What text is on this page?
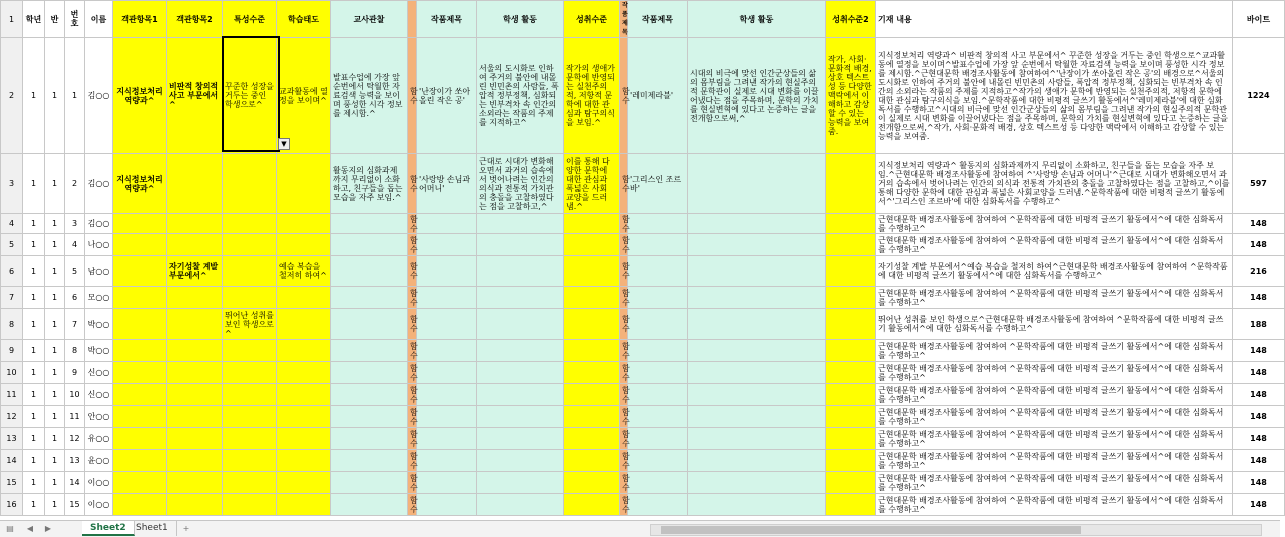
1	학년	반	번호	이름	객관항목1	객관항목2	특성수준	학습태도	교사관찰		작품제목	학생 활동	성취수준	작품제목	작품제목	학생 활동	성취수준2	기재 내용	바이트
2	1	1	1	김○○	지식정보처리 역량과^	비판적 창의적 사고 부문에서^	꾸준한 성장을 거두는 중인 학생으로^	교과활동에 열정을 보이며^	발표수업에 가장 앞순번에서 탁월한 자료검색 능력을 보이며 풍성한 시각 정보를 제시함.^	함수	'난장이가 쏘아올린 작은 공'	서울의 도시화로 인하여 주거의 불안에 내몰린 빈민촌의 사람들, 폭압적 정부정책, 심화되는 빈부격차 속 인간의 소외라는 작품의 주제를 지적하고^	작가의 생애가 문학에 반영되는 실천주의적, 저항적 문학에 대한 관심과 탐구의식을 보임.^	함수	'레미제라블'	시대의 비극에 맞선 인간군상들의 삶의 몸부림을 그려낸 작가의 현실주의적 문학관이 실제로 시대 변화를 이끌어냈다는 점을 주목하며, 문학의 가치를 현실변혁에 있다고 논증하는 글을 전개함으로써,^	작가, 사회·문화적 배경, 상호 텍스트성 등 다양한 맥락에서 이해하고 감상할 수 있는 능력을 보여줌.	지식정보처리 역량과^ 비판적 창의적 사고 부문에서^ 꾸준한 성장을 거두는 중인 학생으로^교과활동에 열정을 보이며^발표수업에 가장 앞 순번에서 탁월한 자료검색 능력을 보이며 풍성한 시각 정보를 제시함.^근현대문학 배경조사활동에 참여하여^'난장이가 쏘아올린 작은 공'의 배경으로^서울의 도시화로 인하여 주거의 불안에 내몰린 빈민촌의 사람들, 폭압적 정부정책, 심화되는 빈부격차 속 인간의 소외라는 작품의 주제를 지적하고^작가의 생애가 문학에 반영되는 실천주의적, 저항적 문학에 대한 관심과 탐구의식을 보임.^문학작품에 대한 비평적 글쓰기 활동에서^'레미제라블'에 대한 심화독서를 수행하고^시대의 비극에 맞선 인간군상들의 삶의 몸부림을 그려낸 작가의 현실주의적 문학관이 실제로 시대 변화를 이끌어냈다는 점을 주목하며, 문학의 가치를 현실변혁에 있다고 논증하는 글을 전개함으로써,^작가, 사회·문화적 배경, 상호 텍스트성 등 다양한 맥락에서 이해하고 감상할 수 있는 능력을 보여줌.	1224
3	1	1	2	김○○	지식정보처리 역량과^				활동지의 심화과제까지 무리없이 소화하고, 친구들을 돕는 모습을 자주 보임.^	함수	'사랑방 손님과 어머니'	근대로 시대가 변화해오면서 과거의 습속에서 벗어나려는 인간의 의식과 전통적 가치관의 충돌을 고찰하였다는 점을 고찰하고,^	이를 통해 다양한 문학에 대한 관심과 폭넓은 사회 교양을 드러냄.^	함수	'그리스인 조르바'			지식정보처리 역량과^ 활동지의 심화과제까지 무리없이 소화하고, 친구들을 돕는 모습을 자주 보임.^근현대문학 배경조사활동에 참여하여 ^'사랑방 손님과 어머니'^근대로 시대가 변화해오면서 과거의 습속에서 벗어나려는 인간의 의식과 전통적 가치관의 충돌을 고찰하였다는 점을 고찰하고,^이를 통해 다양한 문학에 대한 관심과 폭넓은 사회교양을 드러냄.^문학작품에 대한 비평적 글쓰기 활동에서^'그리스인 조르바'에 대한 심화독서를 수행하고^	597
4	1	1	3	김○○						함수				함수				근현대문학 배경조사활동에 참여하여 ^문학작품에 대한 비평적 글쓰기 활동에서^에 대한 심화독서를 수행하고^	148
5	1	1	4	나○○						함수				함수				근현대문학 배경조사활동에 참여하여 ^문학작품에 대한 비평적 글쓰기 활동에서^에 대한 심화독서를 수행하고^	148
6	1	1	5	남○○		자기성찰 계발 부문에서^		예습 복습을 철저히 하여^		함수				함수				자기성찰 계발 부문에서^예습 복습을 철저히 하여^근현대문학 배경조사활동에 참여하여 ^문학작품에 대한 비평적 글쓰기 활동에서^에 대한 심화독서를 수행하고^	216
7	1	1	6	모○○						함수				함수				근현대문학 배경조사활동에 참여하여 ^문학작품에 대한 비평적 글쓰기 활동에서^에 대한 심화독서를 수행하고^	148
8	1	1	7	박○○			뛰어난 성취를 보인 학생으로^			함수				함수				뛰어난 성취를 보인 학생으로^근현대문학 배경조사활동에 참여하여 ^문학작품에 대한 비평적 글쓰기 활동에서^에 대한 심화독서를 수행하고^	188
9	1	1	8	박○○						함수				함수				근현대문학 배경조사활동에 참여하여 ^문학작품에 대한 비평적 글쓰기 활동에서^에 대한 심화독서를 수행하고^	148
10	1	1	9	신○○						함수				함수				근현대문학 배경조사활동에 참여하여 ^문학작품에 대한 비평적 글쓰기 활동에서^에 대한 심화독서를 수행하고^	148
11	1	1	10	신○○						함수				함수				근현대문학 배경조사활동에 참여하여 ^문학작품에 대한 비평적 글쓰기 활동에서^에 대한 심화독서를 수행하고^	148
12	1	1	11	안○○						함수				함수				근현대문학 배경조사활동에 참여하여 ^문학작품에 대한 비평적 글쓰기 활동에서^에 대한 심화독서를 수행하고^	148
13	1	1	12	유○○						함수				함수				근현대문학 배경조사활동에 참여하여 ^문학작품에 대한 비평적 글쓰기 활동에서^에 대한 심화독서를 수행하고^	148
14	1	1	13	윤○○						함수				함수				근현대문학 배경조사활동에 참여하여 ^문학작품에 대한 비평적 글쓰기 활동에서^에 대한 심화독서를 수행하고^	148
15	1	1	14	이○○						함수				함수				근현대문학 배경조사활동에 참여하여 ^문학작품에 대한 비평적 글쓰기 활동에서^에 대한 심화독서를 수행하고^	148
16	1	1	15	이○○						함수				함수				근현대문학 배경조사활동에 참여하여 ^문학작품에 대한 비평적 글쓰기 활동에서^에 대한 심화독서를 수행하고^	148
▼
▤	◀	▶	Sheet2	Sheet1	+
